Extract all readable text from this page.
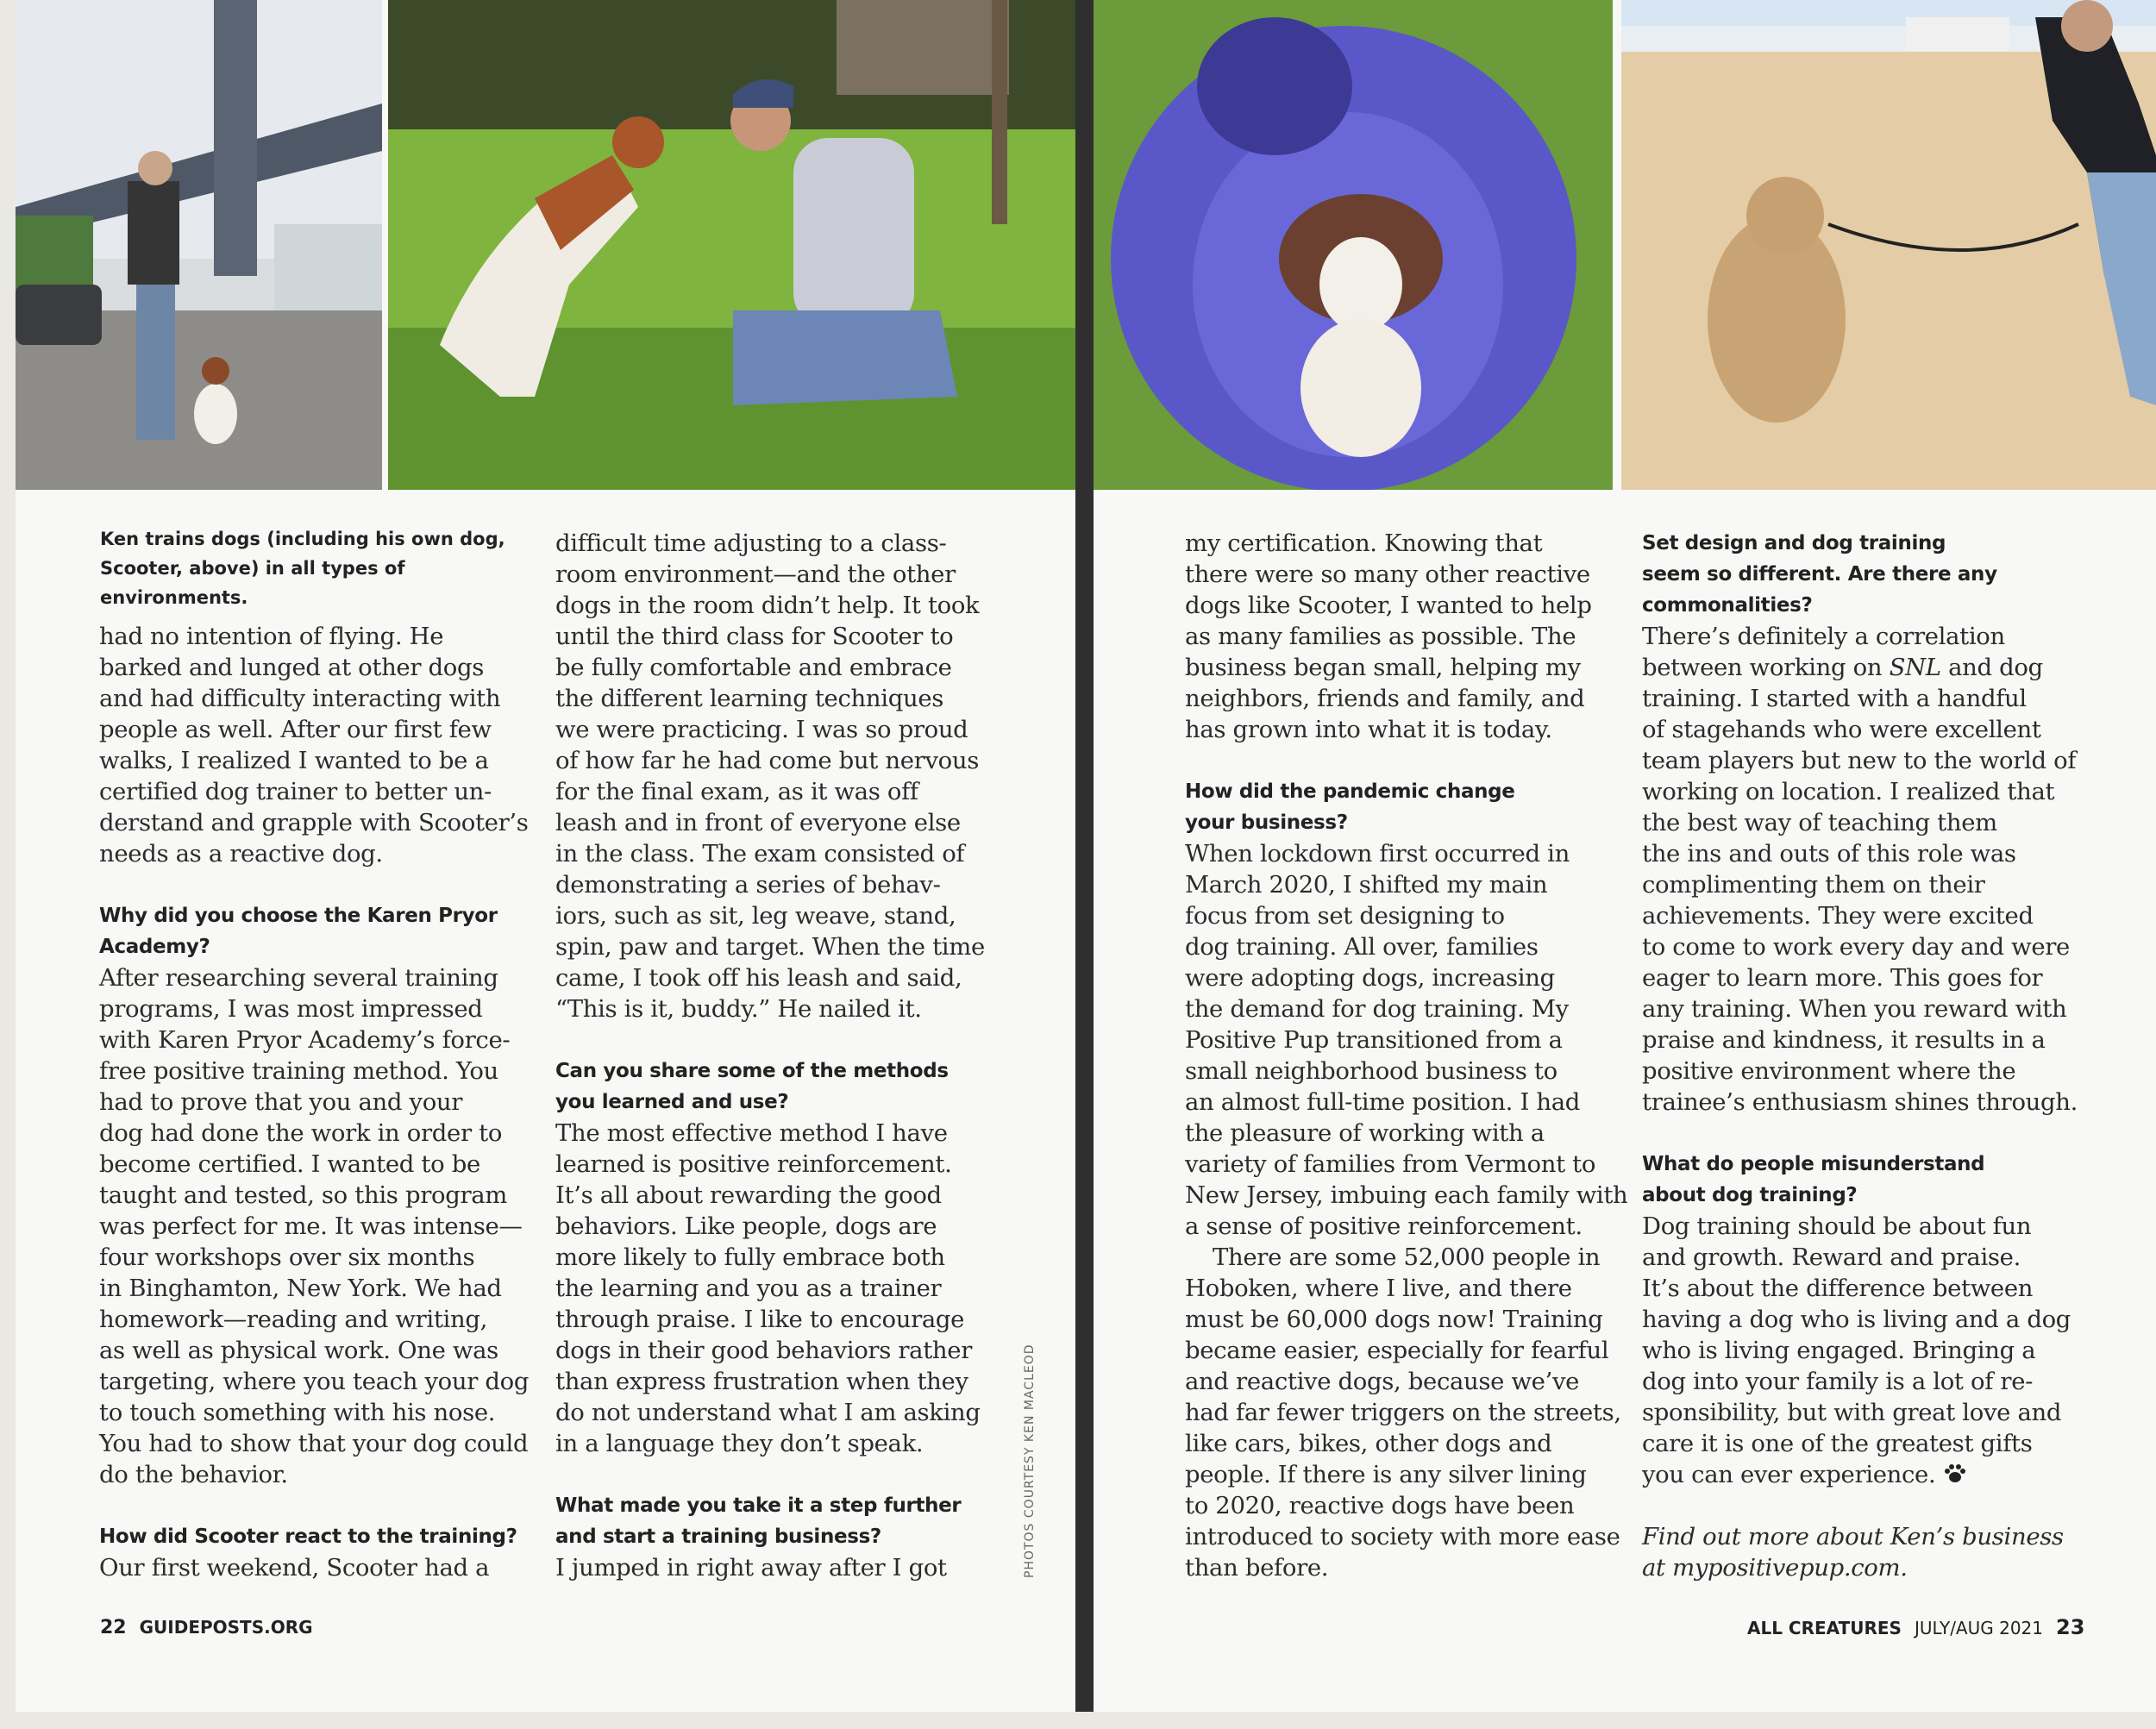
Ken trains dogs (including his own dog,
Scooter, above) in all types of environments.

had no intention of flying. He

barked and lunged at other dogs

and had difficulty interacting with

people as well. After our first few

walks, I realized I wanted to be a

certified dog trainer to better un-

derstand and grapple with Scooter’s

needs as a reactive dog.

Why did you choose the Karen Pryor
Academy?

After researching several training

programs, I was most impressed

with Karen Pryor Academy’s force-

free positive training method. You

had to prove that you and your

dog had done the work in order to

become certified. I wanted to be

taught and tested, so this program

was perfect for me. It was intense—

four workshops over six months

in Binghamton, New York. We had

homework—reading and writing,

as well as physical work. One was

targeting, where you teach your dog

to touch something with his nose.

You had to show that your dog could

do the behavior.

How did Scooter react to the training?

Our first weekend, Scooter had a

difficult time adjusting to a class-

room environment—and the other

dogs in the room didn’t help. It took

until the third class for Scooter to

be fully comfortable and embrace

the different learning techniques

we were practicing. I was so proud

of how far he had come but nervous

for the final exam, as it was off

leash and in front of everyone else

in the class. The exam consisted of

demonstrating a series of behav-

iors, such as sit, leg weave, stand,

spin, paw and target. When the time

came, I took off his leash and said,

“This is it, buddy.” He nailed it.

Can you share some of the methods
you learned and use?

The most effective method I have

learned is positive reinforcement.

It’s all about rewarding the good

behaviors. Like people, dogs are

more likely to fully embrace both

the learning and you as a trainer

through praise. I like to encourage

dogs in their good behaviors rather

than express frustration when they

do not understand what I am asking

in a language they don’t speak.

What made you take it a step further
and start a training business?

I jumped in right away after I got	PHOTOS COURTESY KEN MACLEOD
22 GUIDEPOSTS.ORG

my certification. Knowing that

there were so many other reactive

dogs like Scooter, I wanted to help

as many families as possible. The

business began small, helping my

neighbors, friends and family, and

has grown into what it is today.

How did the pandemic change
your business?

When lockdown first occurred in

March 2020, I shifted my main

focus from set designing to

dog training. All over, families

were adopting dogs, increasing

the demand for dog training. My

Positive Pup transitioned from a

small neighborhood business to

an almost full-time position. I had

the pleasure of working with a

variety of families from Vermont to

New Jersey, imbuing each family with

a sense of positive reinforcement.

There are some 52,000 people in

Hoboken, where I live, and there

must be 60,000 dogs now! Training

became easier, especially for fearful

and reactive dogs, because we’ve

had far fewer triggers on the streets,

like cars, bikes, other dogs and

people. If there is any silver lining

to 2020, reactive dogs have been

introduced to society with more ease

than before.

Set design and dog training
seem so different. Are there any
commonalities?

There’s definitely a correlation

between working on SNL and dog

training. I started with a handful

of stagehands who were excellent

team players but new to the world of

working on location. I realized that

the best way of teaching them

the ins and outs of this role was

complimenting them on their

achievements. They were excited

to come to work every day and were

eager to learn more. This goes for

any training. When you reward with

praise and kindness, it results in a

positive environment where the

trainee’s enthusiasm shines through.

What do people misunderstand
about dog training?

Dog training should be about fun

and growth. Reward and praise.

It’s about the difference between

having a dog who is living and a dog

who is living engaged. Bringing a

dog into your family is a lot of re-

sponsibility, but with great love and

care it is one of the greatest gifts

you can ever experience.

Find out more about Ken’s business

at mypositivepup.com.

ALL CREATURES JULY/AUG 2021 23
